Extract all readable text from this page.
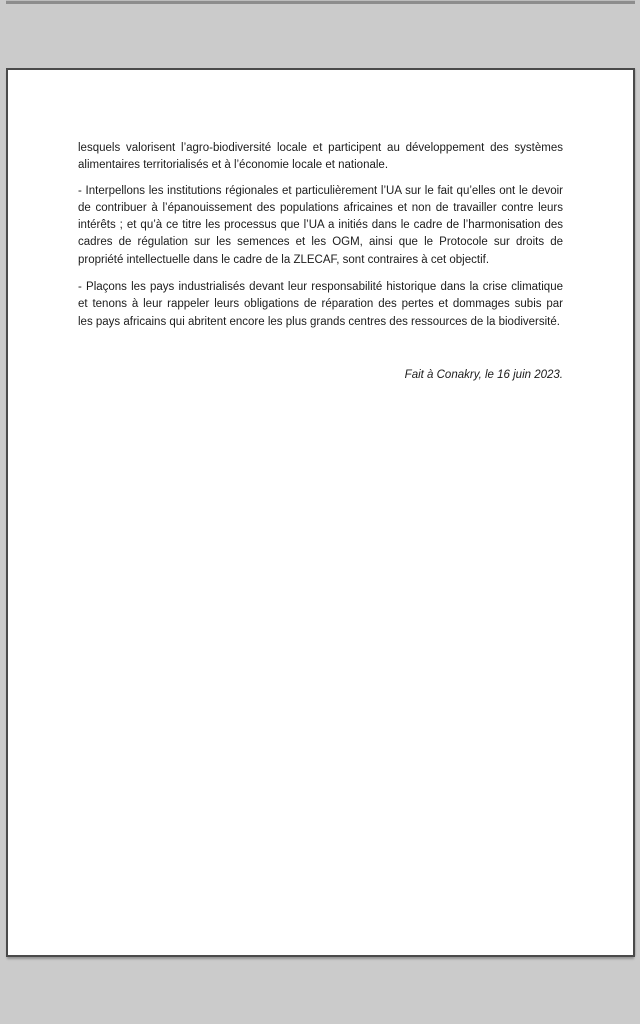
lesquels valorisent l’agro-biodiversité locale et participent au développement des systèmes
alimentaires territorialisés et à l’économie locale et nationale.

- Interpellons les institutions régionales et particulièrement l’UA sur le fait qu’elles ont le devoir
de contribuer à l’épanouissement des populations africaines et non de travailler contre leurs
intérêts ; et qu’à ce titre les processus que l’UA a initiés dans le cadre de l’harmonisation des
cadres de régulation sur les semences et les OGM, ainsi que le Protocole sur droits de
propriété intellectuelle dans le cadre de la ZLECAF, sont contraires à cet objectif.

- Plaçons les pays industrialisés devant leur responsabilité historique dans la crise climatique
et tenons à leur rappeler leurs obligations de réparation des pertes et dommages subis par
les pays africains qui abritent encore les plus grands centres des ressources de la biodiversité.

Fait à Conakry, le 16 juin 2023.
